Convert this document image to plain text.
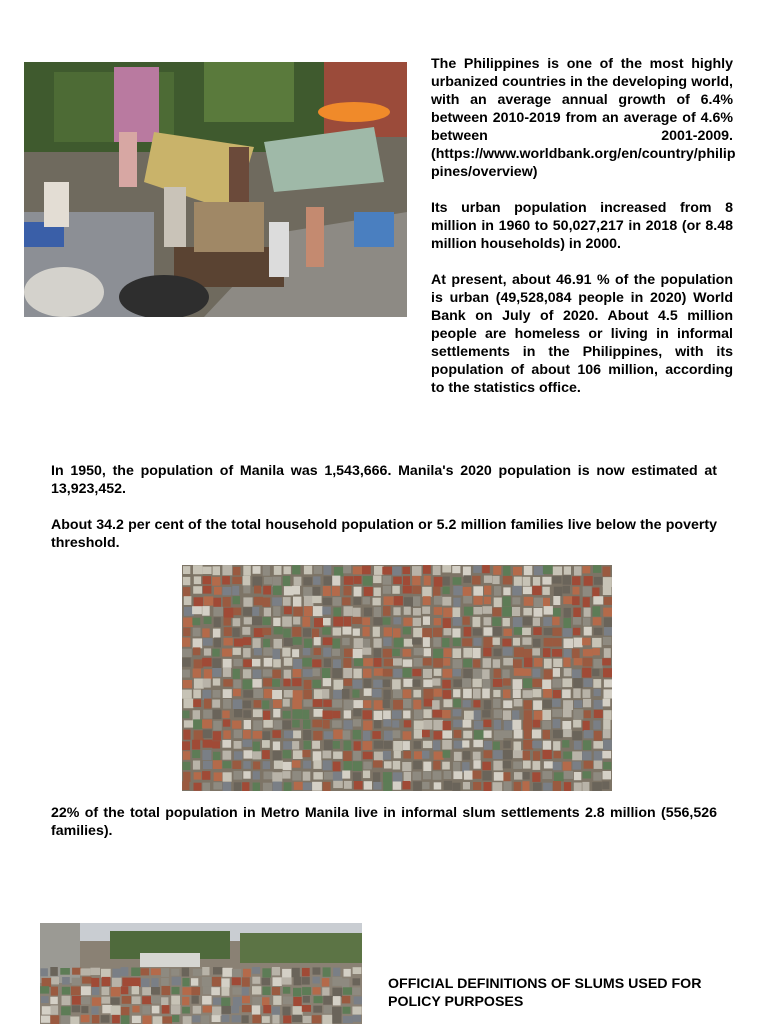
The Philippines is one of the most highly urbanized countries in the developing world, with an average annual growth of 6.4% between 2010-2019 from an average of 4.6% between 2001-2009. (https://www.worldbank.org/en/country/philip pines/overview)

Its urban population increased from 8 million in 1960 to 50,027,217 in 2018 (or 8.48 million households) in 2000.

At present, about 46.91 % of the population is urban (49,528,084 people in 2020) World Bank on July of 2020. About 4.5 million people are homeless or living in informal settlements in the Philippines, with its population of about 106 million, according to the statistics office.

In 1950, the population of Manila was 1,543,666. Manila's 2020 population is now estimated at 13,923,452.

About 34.2 per cent of the total household population or 5.2 million families live below the poverty threshold.

22% of the total population in Metro Manila live in informal slum settlements 2.8 million (556,526 families).

OFFICIAL DEFINITIONS OF SLUMS USED FOR POLICY PURPOSES
